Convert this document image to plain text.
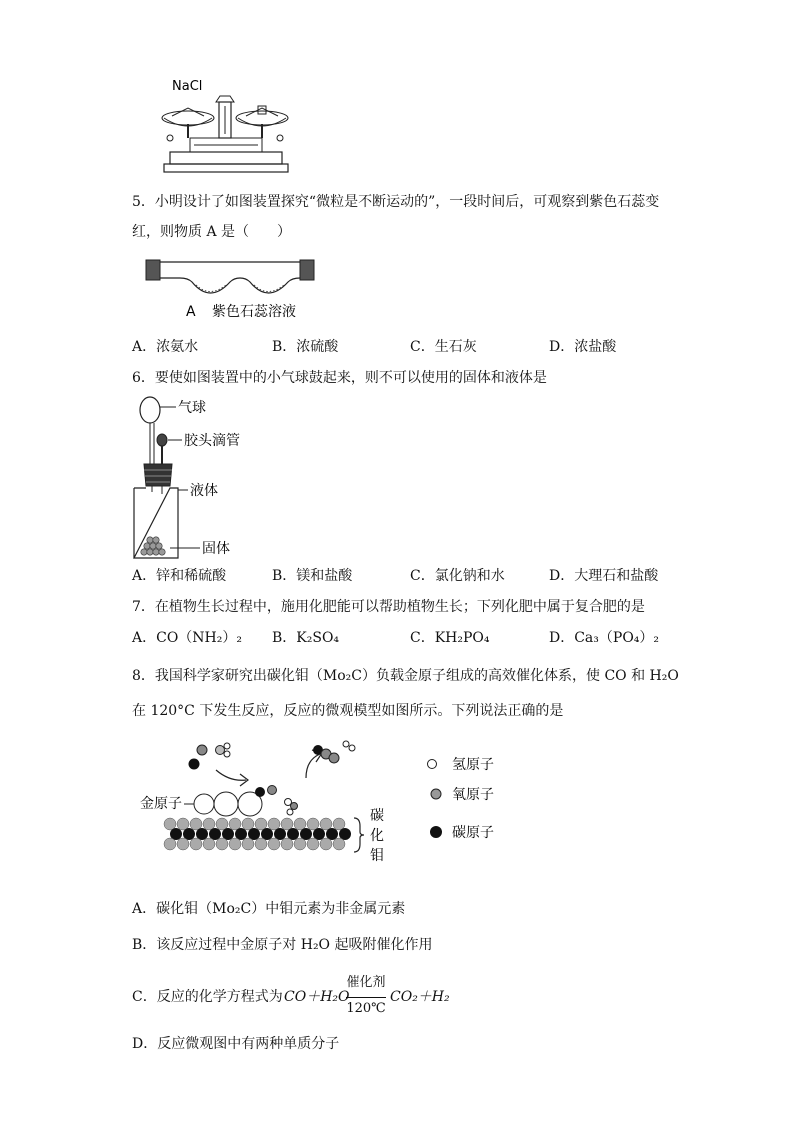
NaCl
5．小明设计了如图装置探究“微粒是不断运动的”，一段时间后，可观察到紫色石蕊变
红，则物质 A 是（　　）
A 紫色石蕊溶液
A．浓氨水	B．浓硫酸	C．生石灰	D．浓盐酸
6．要使如图装置中的小气球鼓起来，则不可以使用的固体和液体是
气球
胶头滴管
液体
固体
A．锌和稀硫酸	B．镁和盐酸	C．氯化钠和水	D．大理石和盐酸
7．在植物生长过程中，施用化肥能可以帮助植物生长；下列化肥中属于复合肥的是
A．CO（NH₂）₂ B．K₂SO₄	C．KH₂PO₄	D．Ca₃（PO₄）₂
8．我国科学家研究出碳化钼（Mo₂C）负载金原子组成的高效催化体系，使 CO 和 H₂O
在 120°C 下发生反应，反应的微观模型如图所示。下列说法正确的是
金原子
碳
化
钼
氢原子
氧原子
碳原子
A．碳化钼（Mo₂C）中钼元素为非金属元素
B．该反应过程中金原子对 H₂O 起吸附催化作用
C．反应的化学方程式为 CO＋H₂O
催化剂
120℃
CO₂＋H₂
D．反应微观图中有两种单质分子
